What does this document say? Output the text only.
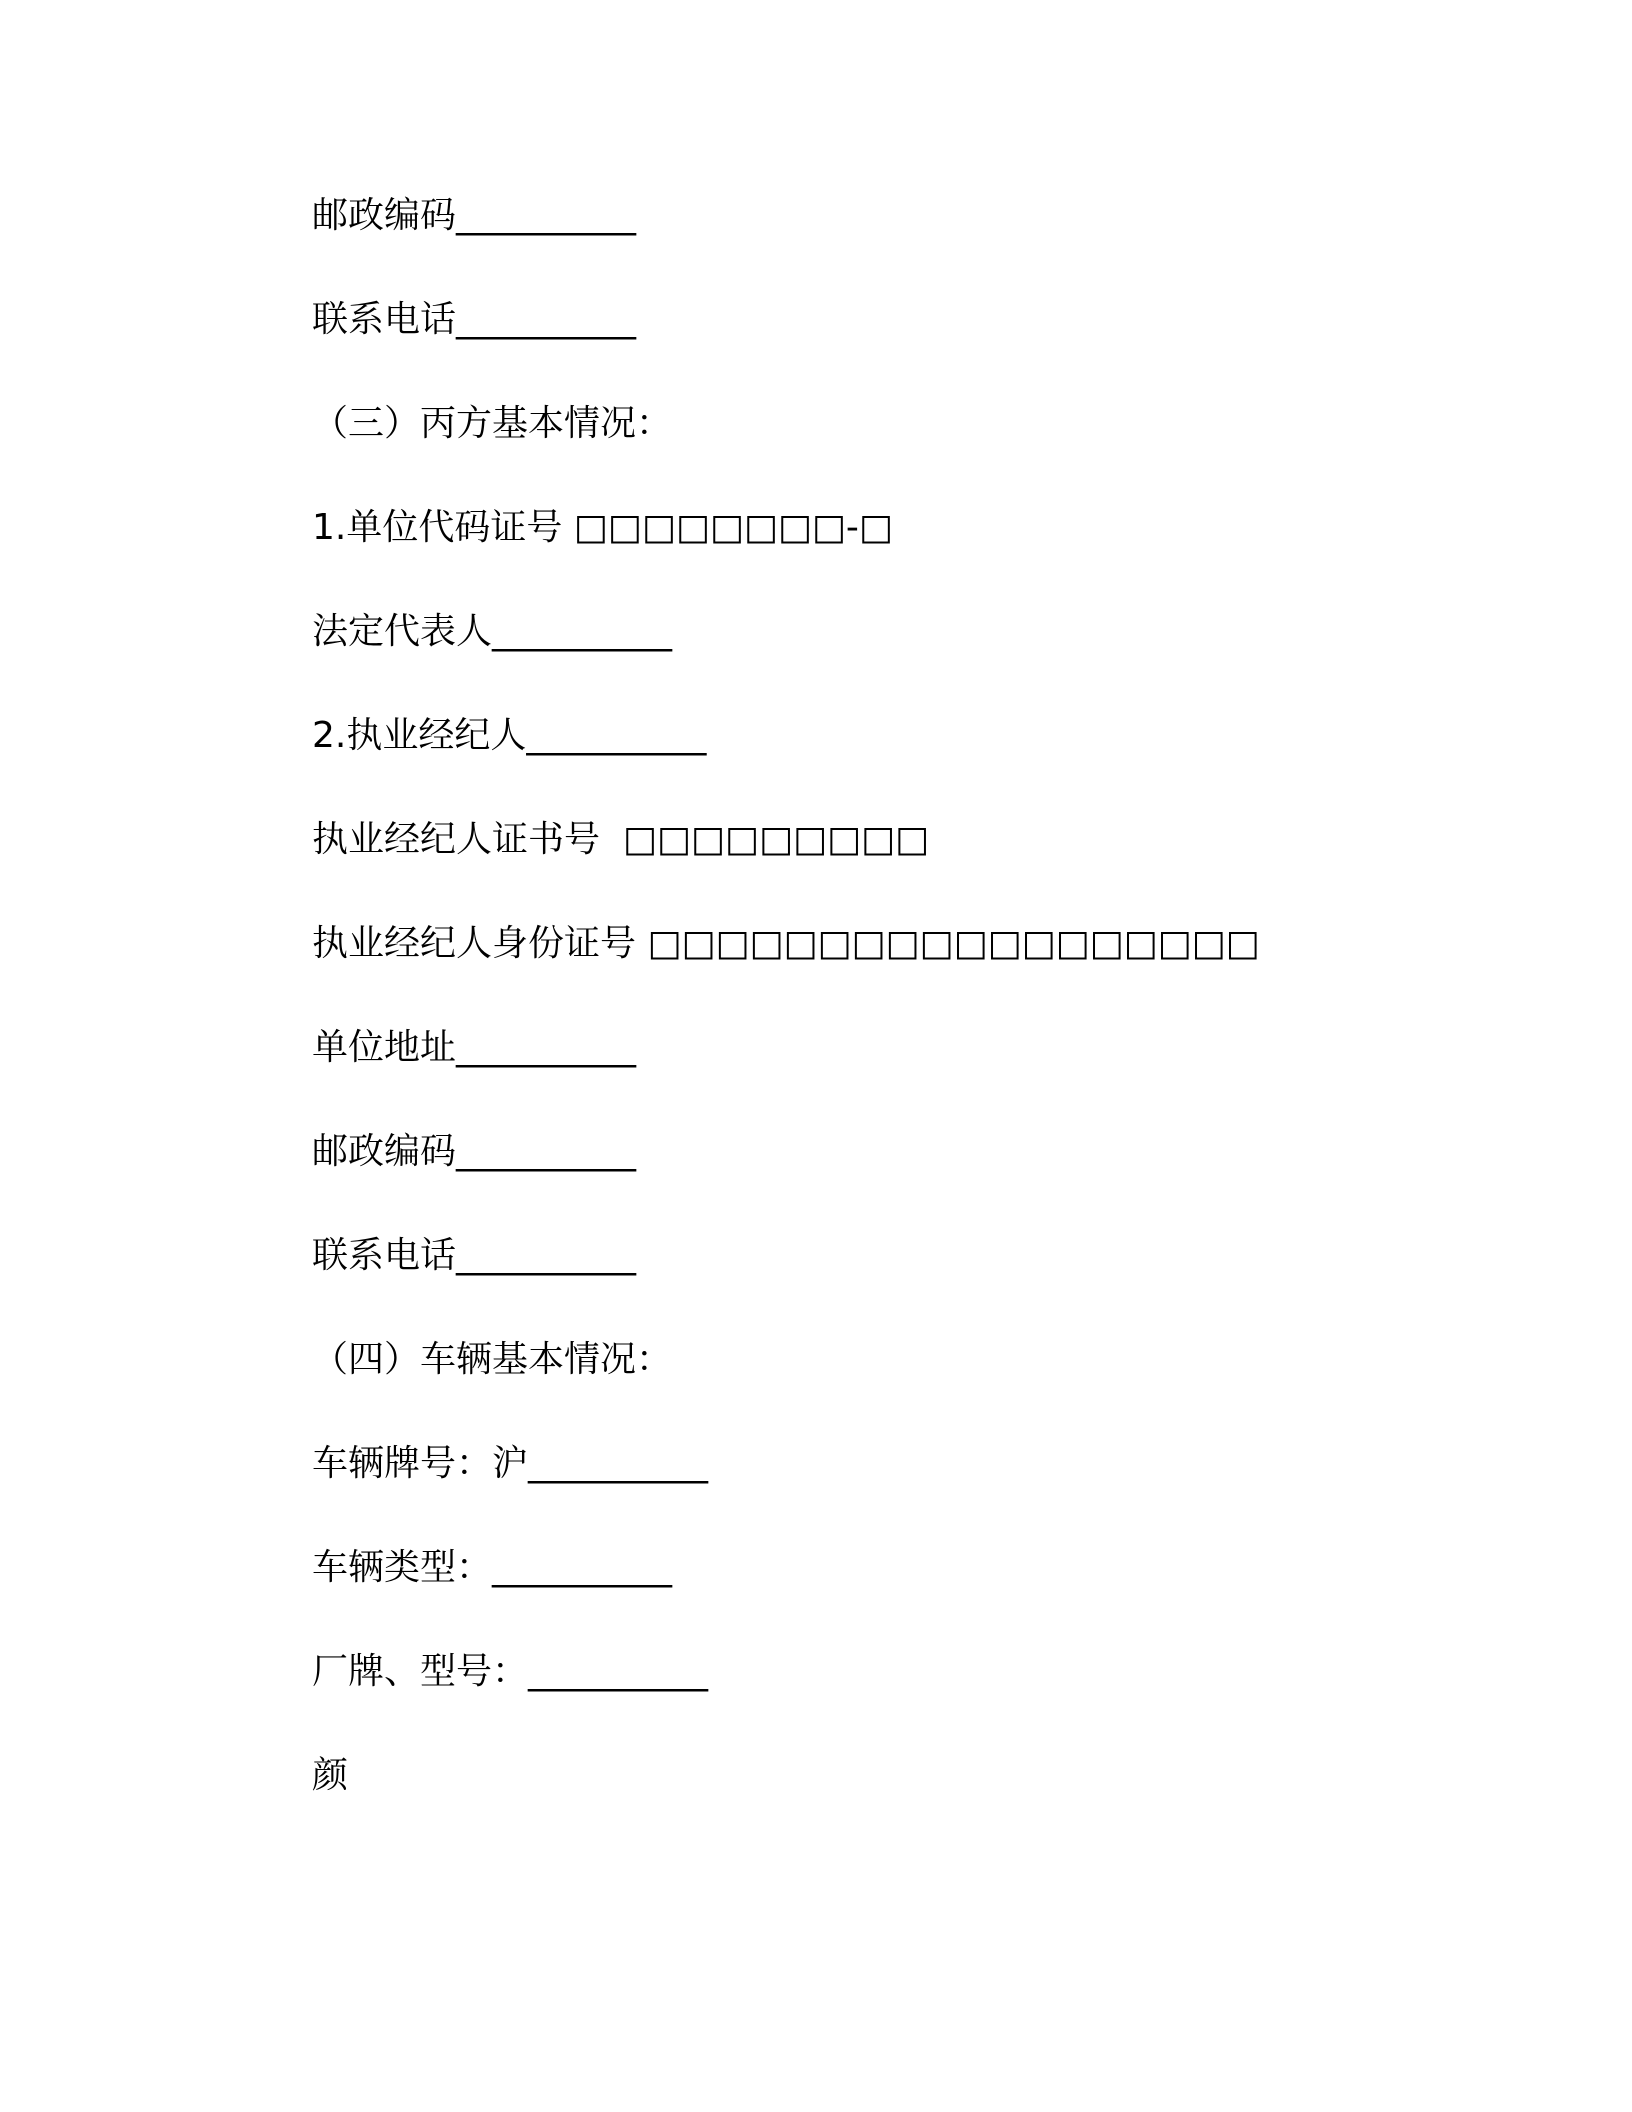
邮政编码__________
联系电话__________
（三）丙方基本情况：
1.单位代码证号 □□□□□□□□-□
法定代表人__________
2.执业经纪人__________
执业经纪人证书号  □□□□□□□□□
执业经纪人身份证号 □□□□□□□□□□□□□□□□□□
单位地址__________
邮政编码__________
联系电话__________
（四）车辆基本情况：
车辆牌号：沪__________
车辆类型：__________
厂牌、型号：__________
颜
